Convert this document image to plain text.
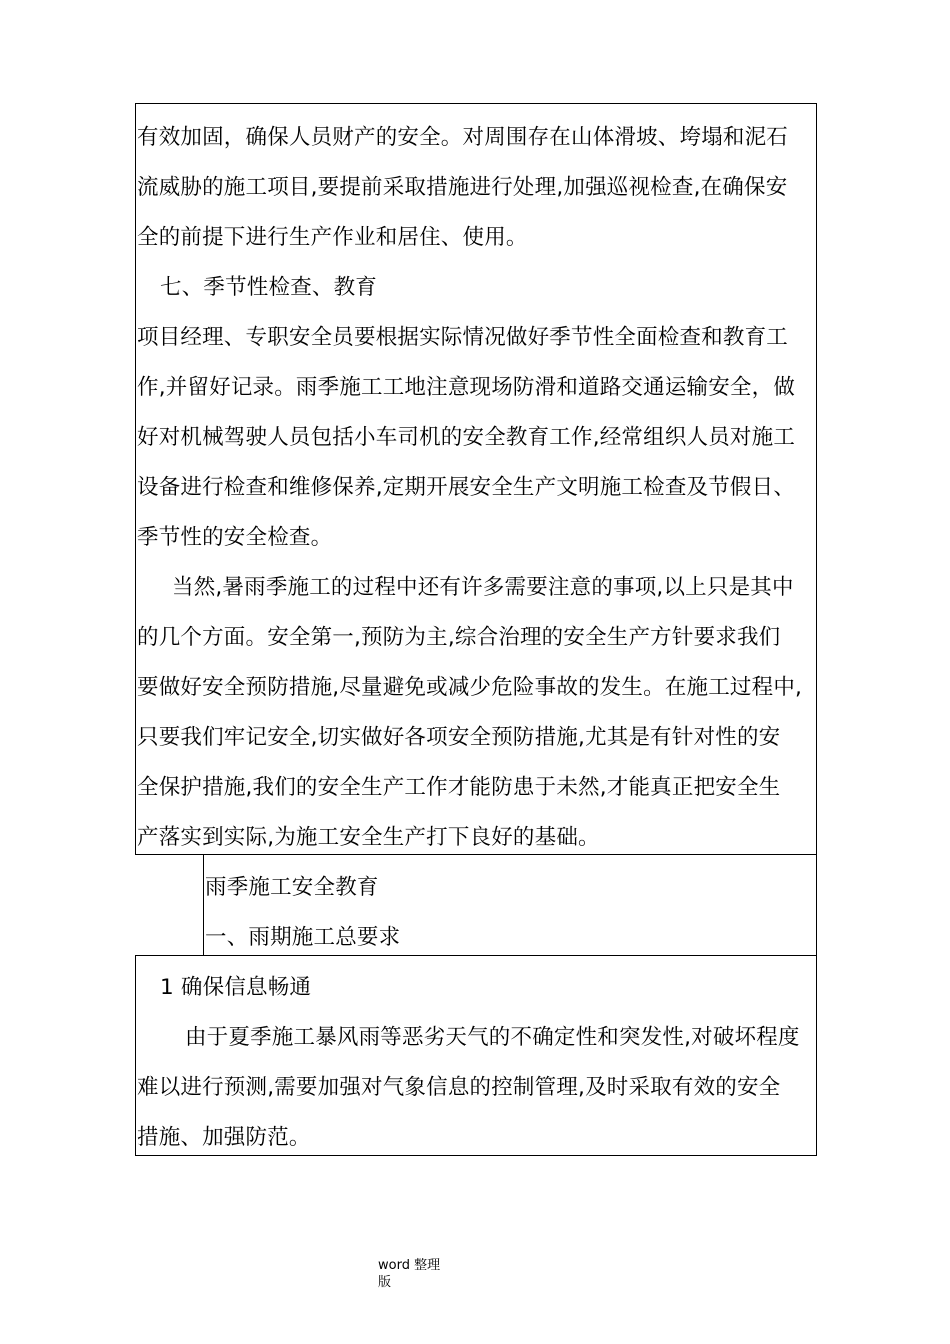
有效加固，确保人员财产的安全。对周围存在山体滑坡、垮塌和泥石
流威胁的施工项目,要提前采取措施进行处理,加强巡视检查,在确保安
全的前提下进行生产作业和居住、使用。
七、季节性检查、教育
项目经理、专职安全员要根据实际情况做好季节性全面检查和教育工
作,并留好记录。雨季施工工地注意现场防滑和道路交通运输安全，做
好对机械驾驶人员包括小车司机的安全教育工作,经常组织人员对施工
设备进行检查和维修保养,定期开展安全生产文明施工检查及节假日、
季节性的安全检查。
当然,暑雨季施工的过程中还有许多需要注意的事项,以上只是其中
的几个方面。安全第一,预防为主,综合治理的安全生产方针要求我们
要做好安全预防措施,尽量避免或减少危险事故的发生。在施工过程中,
只要我们牢记安全,切实做好各项安全预防措施,尤其是有针对性的安
全保护措施,我们的安全生产工作才能防患于未然,才能真正把安全生
产落实到实际,为施工安全生产打下良好的基础。
雨季施工安全教育
一、雨期施工总要求
1 确保信息畅通
由于夏季施工暴风雨等恶劣天气的不确定性和突发性,对破坏程度
难以进行预测,需要加强对气象信息的控制管理,及时采取有效的安全
措施、加强防范。
word 整理
版
